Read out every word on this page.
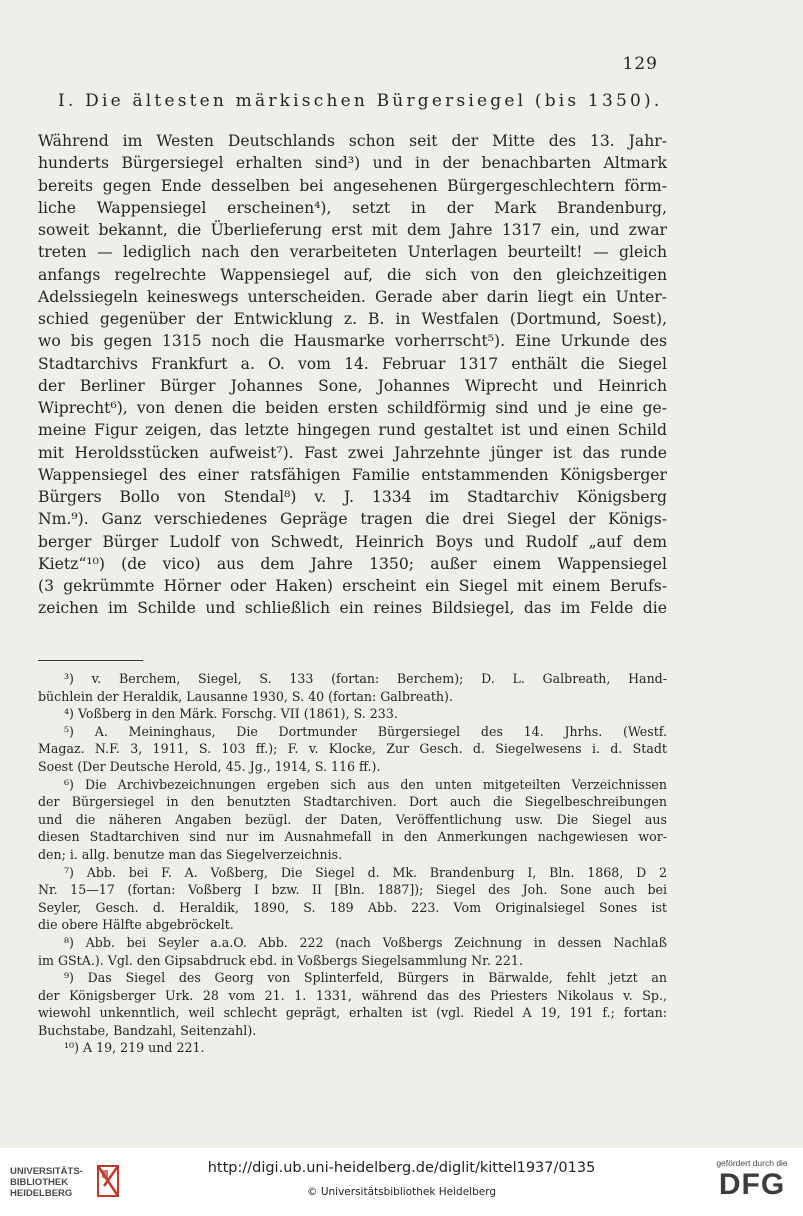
129
I. Die ältesten märkischen Bürgersiegel (bis 1350).
Während im Westen Deutschlands schon seit der Mitte des 13. Jahr-
hunderts Bürgersiegel erhalten sind³) und in der benachbarten Altmark
bereits gegen Ende desselben bei angesehenen Bürgergeschlechtern förm-
liche Wappensiegel erscheinen⁴), setzt in der Mark Brandenburg,
soweit bekannt, die Überlieferung erst mit dem Jahre 1317 ein, und zwar
treten — lediglich nach den verarbeiteten Unterlagen beurteilt! — gleich
anfangs regelrechte Wappensiegel auf, die sich von den gleichzeitigen
Adelssiegeln keineswegs unterscheiden. Gerade aber darin liegt ein Unter-
schied gegenüber der Entwicklung z. B. in Westfalen (Dortmund, Soest),
wo bis gegen 1315 noch die Hausmarke vorherrscht⁵). Eine Urkunde des
Stadtarchivs Frankfurt a. O. vom 14. Februar 1317 enthält die Siegel
der Berliner Bürger Johannes Sone, Johannes Wiprecht und Heinrich
Wiprecht⁶), von denen die beiden ersten schildförmig sind und je eine ge-
meine Figur zeigen, das letzte hingegen rund gestaltet ist und einen Schild
mit Heroldsstücken aufweist⁷). Fast zwei Jahrzehnte jünger ist das runde
Wappensiegel des einer ratsfähigen Familie entstammenden Königsberger
Bürgers Bollo von Stendal⁸) v. J. 1334 im Stadtarchiv Königsberg
Nm.⁹). Ganz verschiedenes Gepräge tragen die drei Siegel der Königs-
berger Bürger Ludolf von Schwedt, Heinrich Boys und Rudolf „auf dem
Kietz“¹⁰) (de vico) aus dem Jahre 1350; außer einem Wappensiegel
(3 gekrümmte Hörner oder Haken) erscheint ein Siegel mit einem Berufs-
zeichen im Schilde und schließlich ein reines Bildsiegel, das im Felde die
³) v. Berchem, Siegel, S. 133 (fortan: Berchem); D. L. Galbreath, Hand-
büchlein der Heraldik, Lausanne 1930, S. 40 (fortan: Galbreath).
⁴) Voßberg in den Märk. Forschg. VII (1861), S. 233.
⁵) A. Meininghaus, Die Dortmunder Bürgersiegel des 14. Jhrhs. (Westf.
Magaz. N.F. 3, 1911, S. 103 ff.); F. v. Klocke, Zur Gesch. d. Siegelwesens i. d. Stadt
Soest (Der Deutsche Herold, 45. Jg., 1914, S. 116 ff.).
⁶) Die Archivbezeichnungen ergeben sich aus den unten mitgeteilten Verzeichnissen
der Bürgersiegel in den benutzten Stadtarchiven. Dort auch die Siegelbeschreibungen
und die näheren Angaben bezügl. der Daten, Veröffentlichung usw. Die Siegel aus
diesen Stadtarchiven sind nur im Ausnahmefall in den Anmerkungen nachgewiesen wor-
den; i. allg. benutze man das Siegelverzeichnis.
⁷) Abb. bei F. A. Voßberg, Die Siegel d. Mk. Brandenburg I, Bln. 1868, D 2
Nr. 15—17 (fortan: Voßberg I bzw. II [Bln. 1887]); Siegel des Joh. Sone auch bei
Seyler, Gesch. d. Heraldik, 1890, S. 189 Abb. 223. Vom Originalsiegel Sones ist
die obere Hälfte abgebröckelt.
⁸) Abb. bei Seyler a.a.O. Abb. 222 (nach Voßbergs Zeichnung in dessen Nachlaß
im GStA.). Vgl. den Gipsabdruck ebd. in Voßbergs Siegelsammlung Nr. 221.
⁹) Das Siegel des Georg von Splinterfeld, Bürgers in Bärwalde, fehlt jetzt an
der Königsberger Urk. 28 vom 21. 1. 1331, während das des Priesters Nikolaus v. Sp.,
wiewohl unkenntlich, weil schlecht geprägt, erhalten ist (vgl. Riedel A 19, 191 f.; fortan:
Buchstabe, Bandzahl, Seitenzahl).
¹⁰) A 19, 219 und 221.
UNIVERSITÄTS-
BIBLIOTHEK
HEIDELBERG
http://digi.ub.uni-heidelberg.de/diglit/kittel1937/0135
© Universitätsbibliothek Heidelberg
gefördert durch die
DFG
